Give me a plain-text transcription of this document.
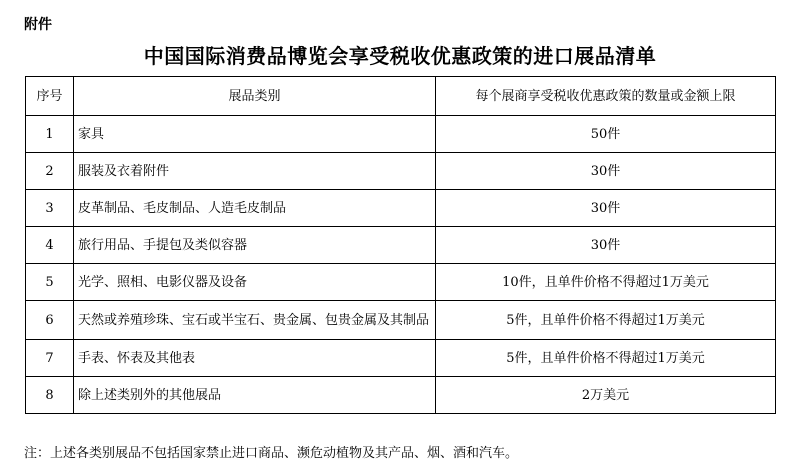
附件
中国国际消费品博览会享受税收优惠政策的进口展品清单
序号	展品类别	每个展商享受税收优惠政策的数量或金额上限
1	家具	50件
2	服装及衣着附件	30件
3	皮革制品、毛皮制品、人造毛皮制品	30件
4	旅行用品、手提包及类似容器	30件
5	光学、照相、电影仪器及设备	10件，且单件价格不得超过1万美元
6	天然或养殖珍珠、宝石或半宝石、贵金属、包贵金属及其制品	5件，且单件价格不得超过1万美元
7	手表、怀表及其他表	5件，且单件价格不得超过1万美元
8	除上述类别外的其他展品	2万美元
注：上述各类别展品不包括国家禁止进口商品、濒危动植物及其产品、烟、酒和汽车。
